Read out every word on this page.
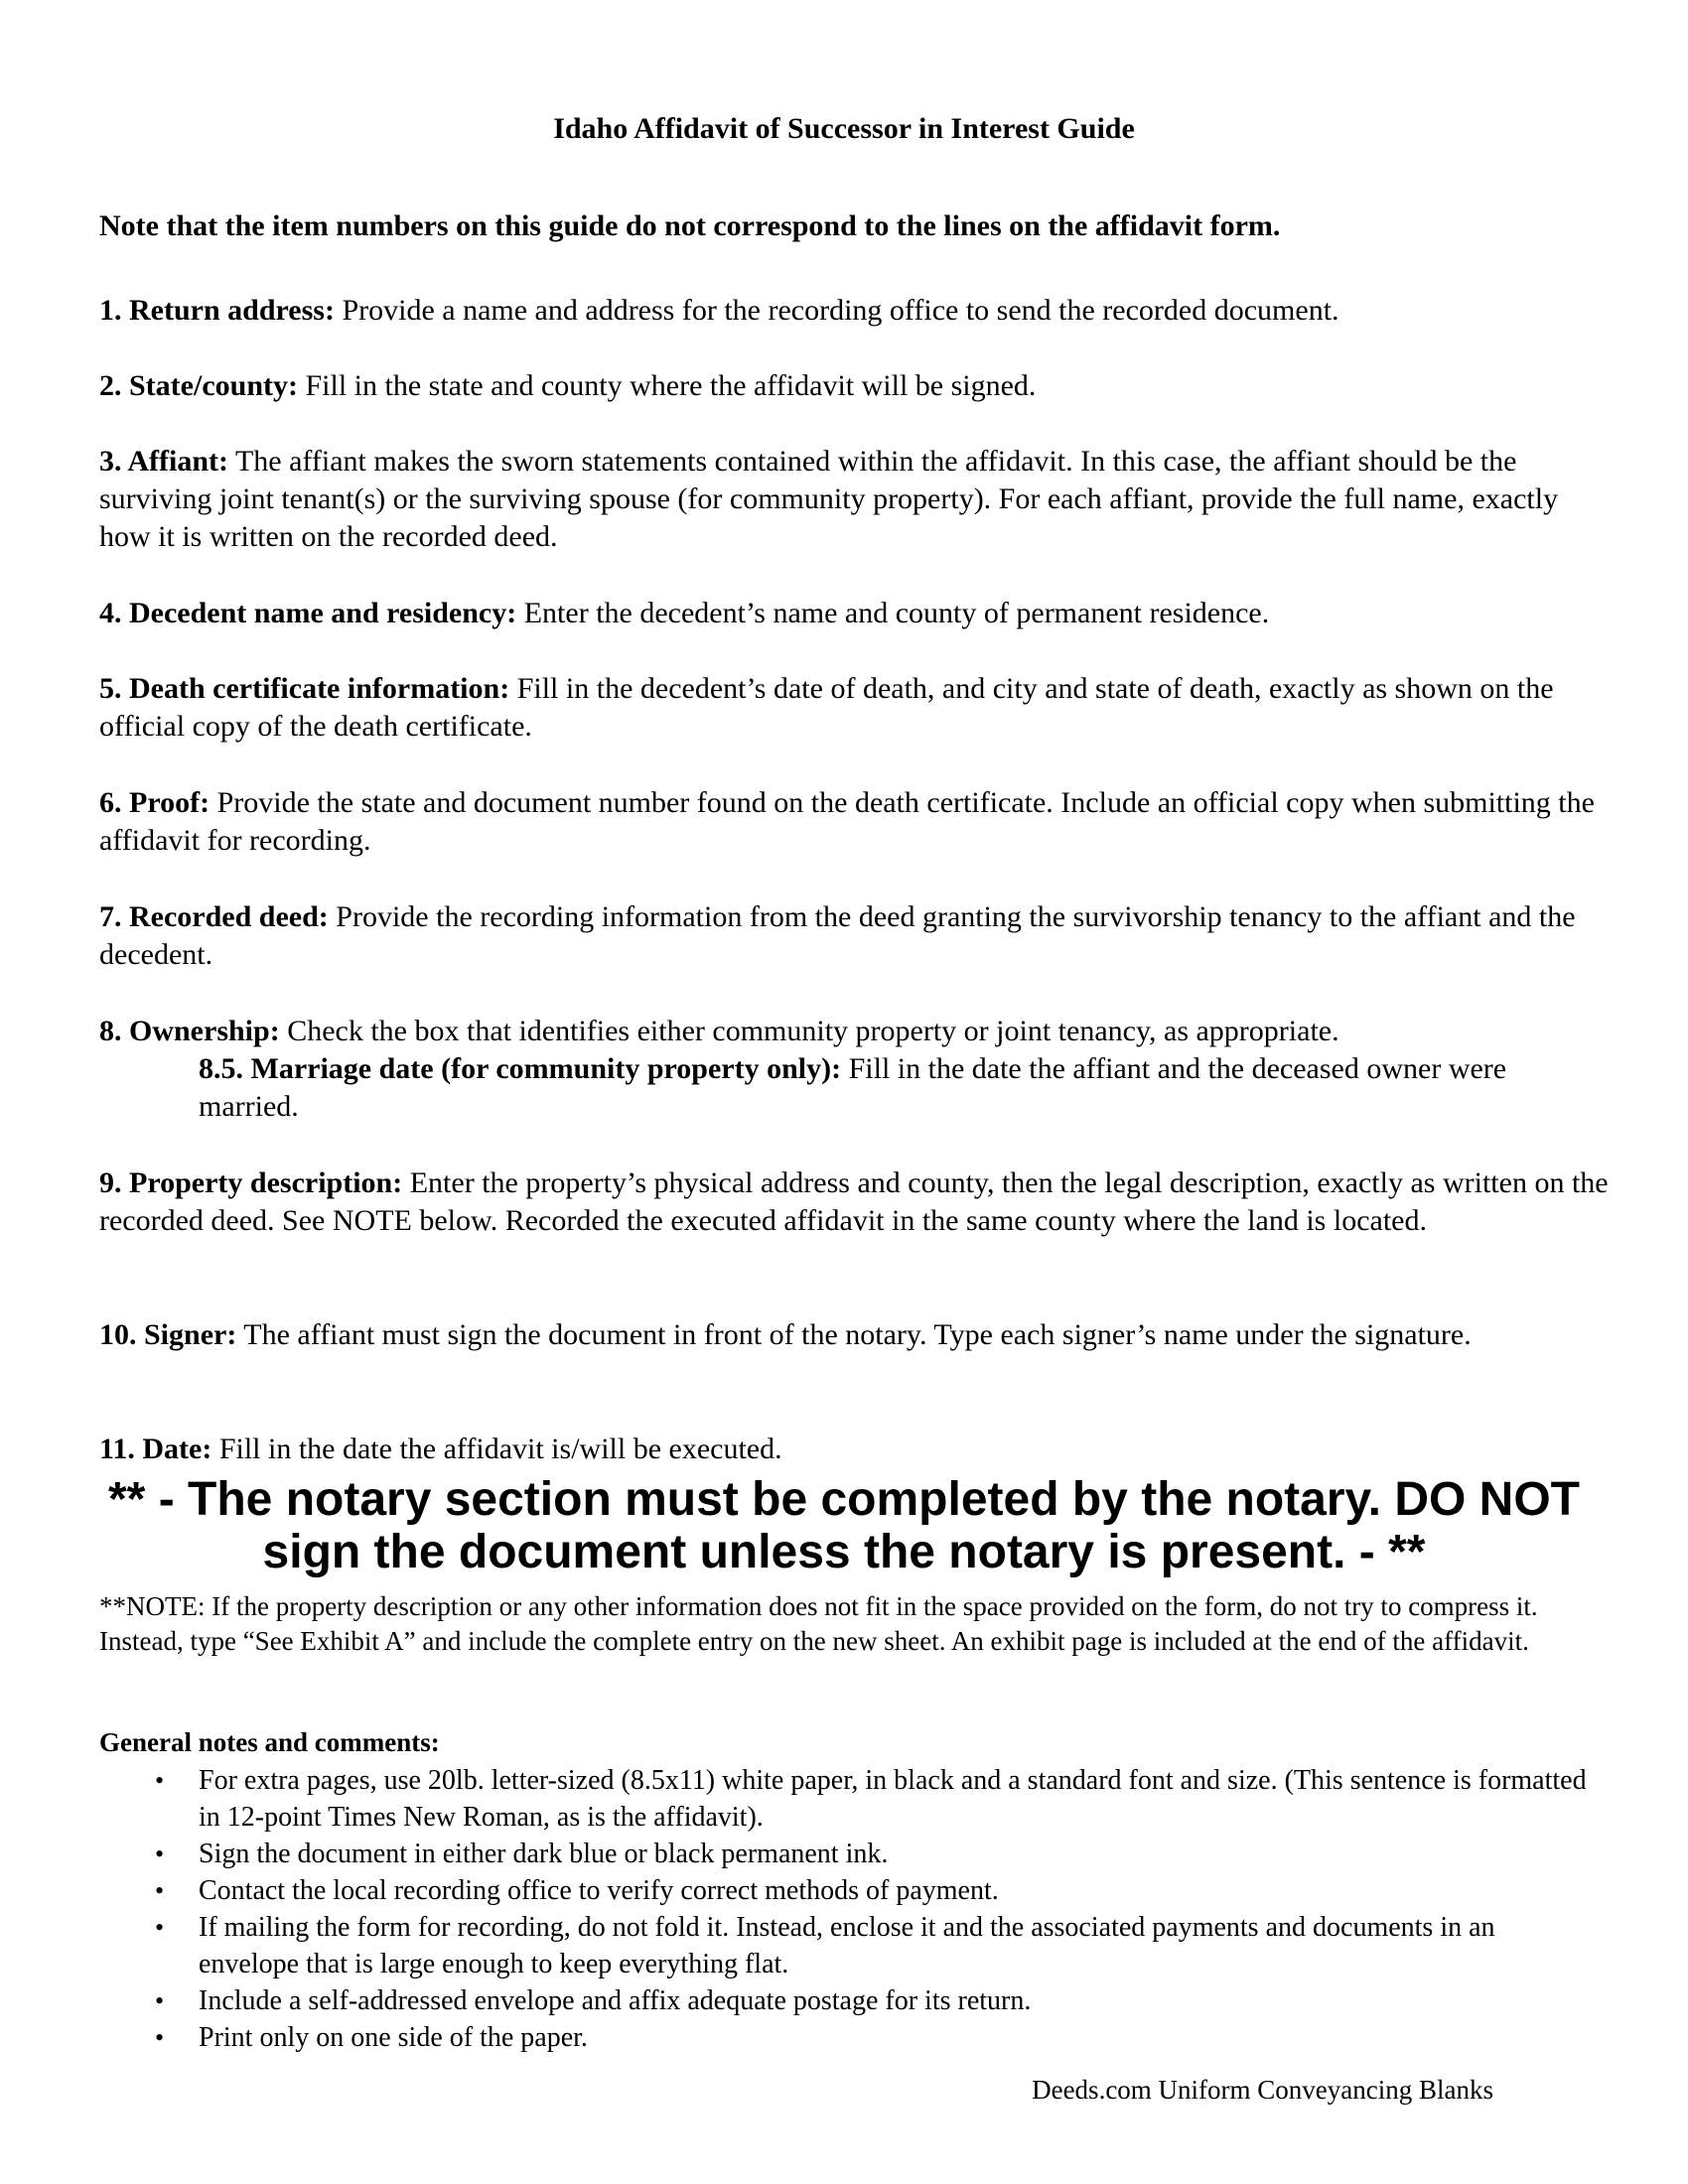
Idaho Affidavit of Successor in Interest Guide
Note that the item numbers on this guide do not correspond to the lines on the affidavit form.
1. Return address: Provide a name and address for the recording office to send the recorded document.
2. State/county: Fill in the state and county where the affidavit will be signed.
3. Affiant: The affiant makes the sworn statements contained within the affidavit. In this case, the affiant should be the surviving joint tenant(s) or the surviving spouse (for community property). For each affiant, provide the full name, exactly how it is written on the recorded deed.
4. Decedent name and residency: Enter the decedent’s name and county of permanent residence.
5. Death certificate information: Fill in the decedent’s date of death, and city and state of death, exactly as shown on the official copy of the death certificate.
6. Proof: Provide the state and document number found on the death certificate. Include an official copy when submitting the affidavit for recording.
7. Recorded deed: Provide the recording information from the deed granting the survivorship tenancy to the affiant and the decedent.
8. Ownership: Check the box that identifies either community property or joint tenancy, as appropriate.
8.5. Marriage date (for community property only): Fill in the date the affiant and the deceased owner were married.
9. Property description: Enter the property’s physical address and county, then the legal description, exactly as written on the recorded deed. See NOTE below. Recorded the executed affidavit in the same county where the land is located.
10. Signer: The affiant must sign the document in front of the notary. Type each signer’s name under the signature.
11. Date: Fill in the date the affidavit is/will be executed.
** - The notary section must be completed by the notary. DO NOT sign the document unless the notary is present. - **
**NOTE: If the property description or any other information does not fit in the space provided on the form, do not try to compress it. Instead, type “See Exhibit A” and include the complete entry on the new sheet. An exhibit page is included at the end of the affidavit.
General notes and comments:
• For extra pages, use 20lb. letter-sized (8.5x11) white paper, in black and a standard font and size. (This sentence is formatted in 12-point Times New Roman, as is the affidavit).
• Sign the document in either dark blue or black permanent ink.
• Contact the local recording office to verify correct methods of payment.
• If mailing the form for recording, do not fold it. Instead, enclose it and the associated payments and documents in an envelope that is large enough to keep everything flat.
• Include a self-addressed envelope and affix adequate postage for its return.
• Print only on one side of the paper.
Deeds.com Uniform Conveyancing Blanks
